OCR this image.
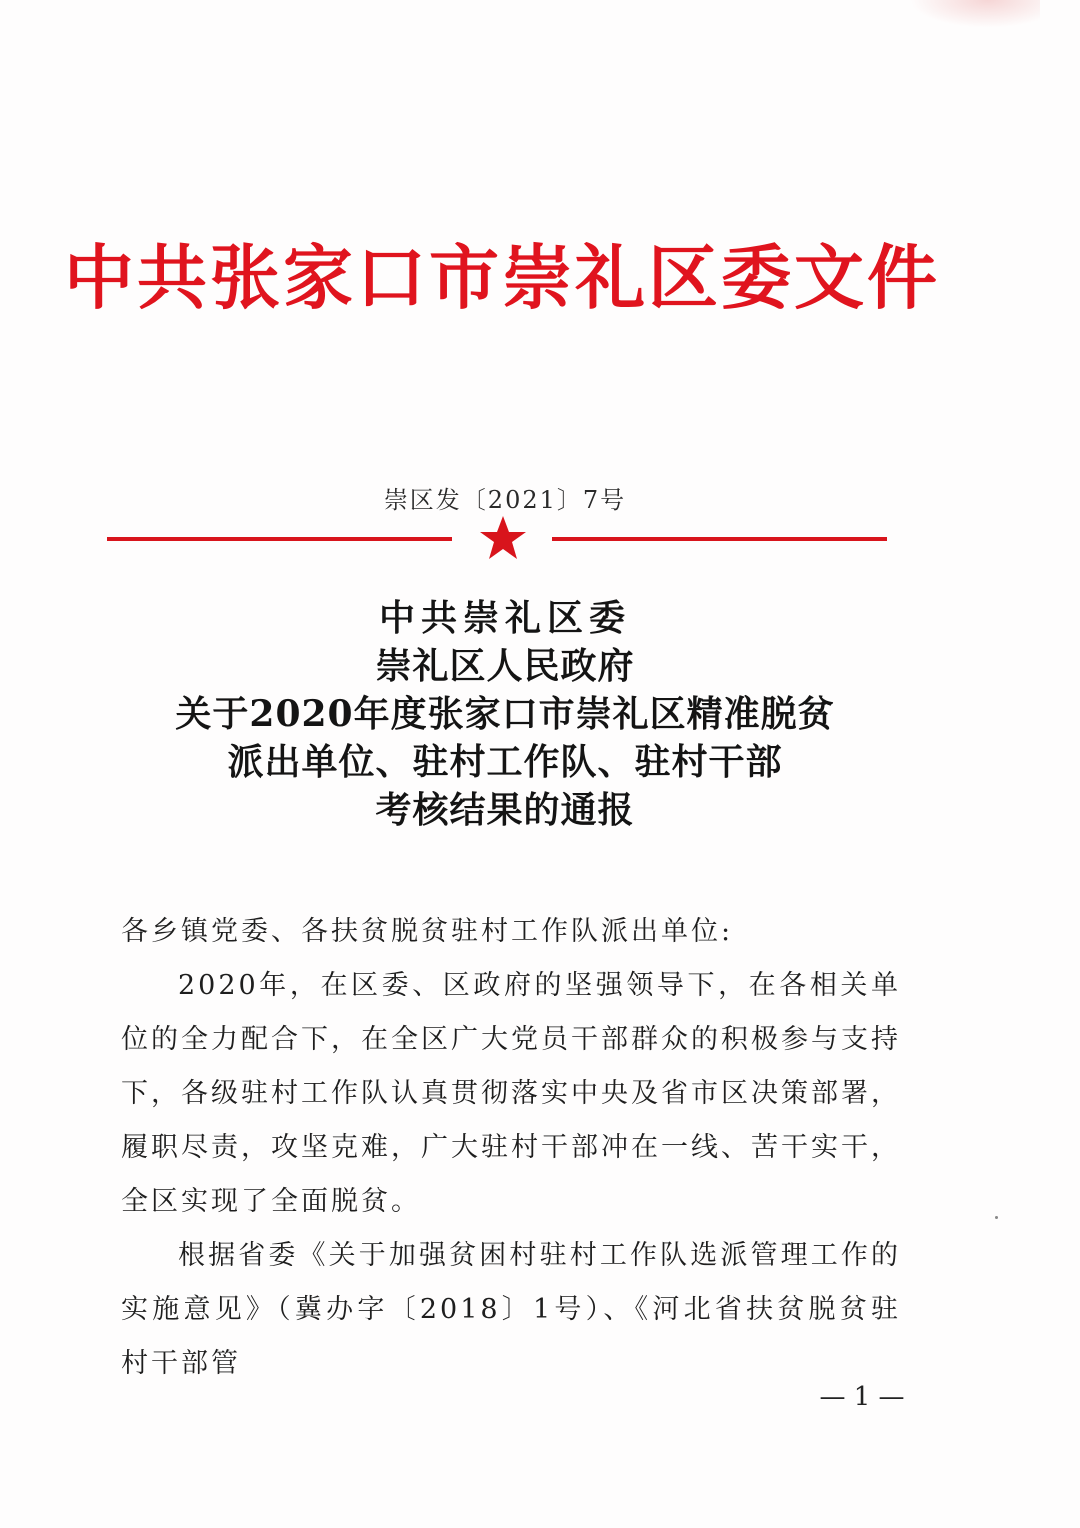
中共张家口市崇礼区委文件
崇区发〔2021〕7号
中共崇礼区委
崇礼区人民政府
关于2020年度张家口市崇礼区精准脱贫
派出单位、驻村工作队、驻村干部
考核结果的通报

各乡镇党委、各扶贫脱贫驻村工作队派出单位:

2020年，在区委、区政府的坚强领导下，在各相关单位的全力配合下，在全区广大党员干部群众的积极参与支持下，各级驻村工作队认真贯彻落实中央及省市区决策部署，履职尽责，攻坚克难，广大驻村干部冲在一线、苦干实干，全区实现了全面脱贫。

根据省委《关于加强贫困村驻村工作队选派管理工作的实施意见》（冀办字〔2018〕1号）、《河北省扶贫脱贫驻村干部管

— 1 —
